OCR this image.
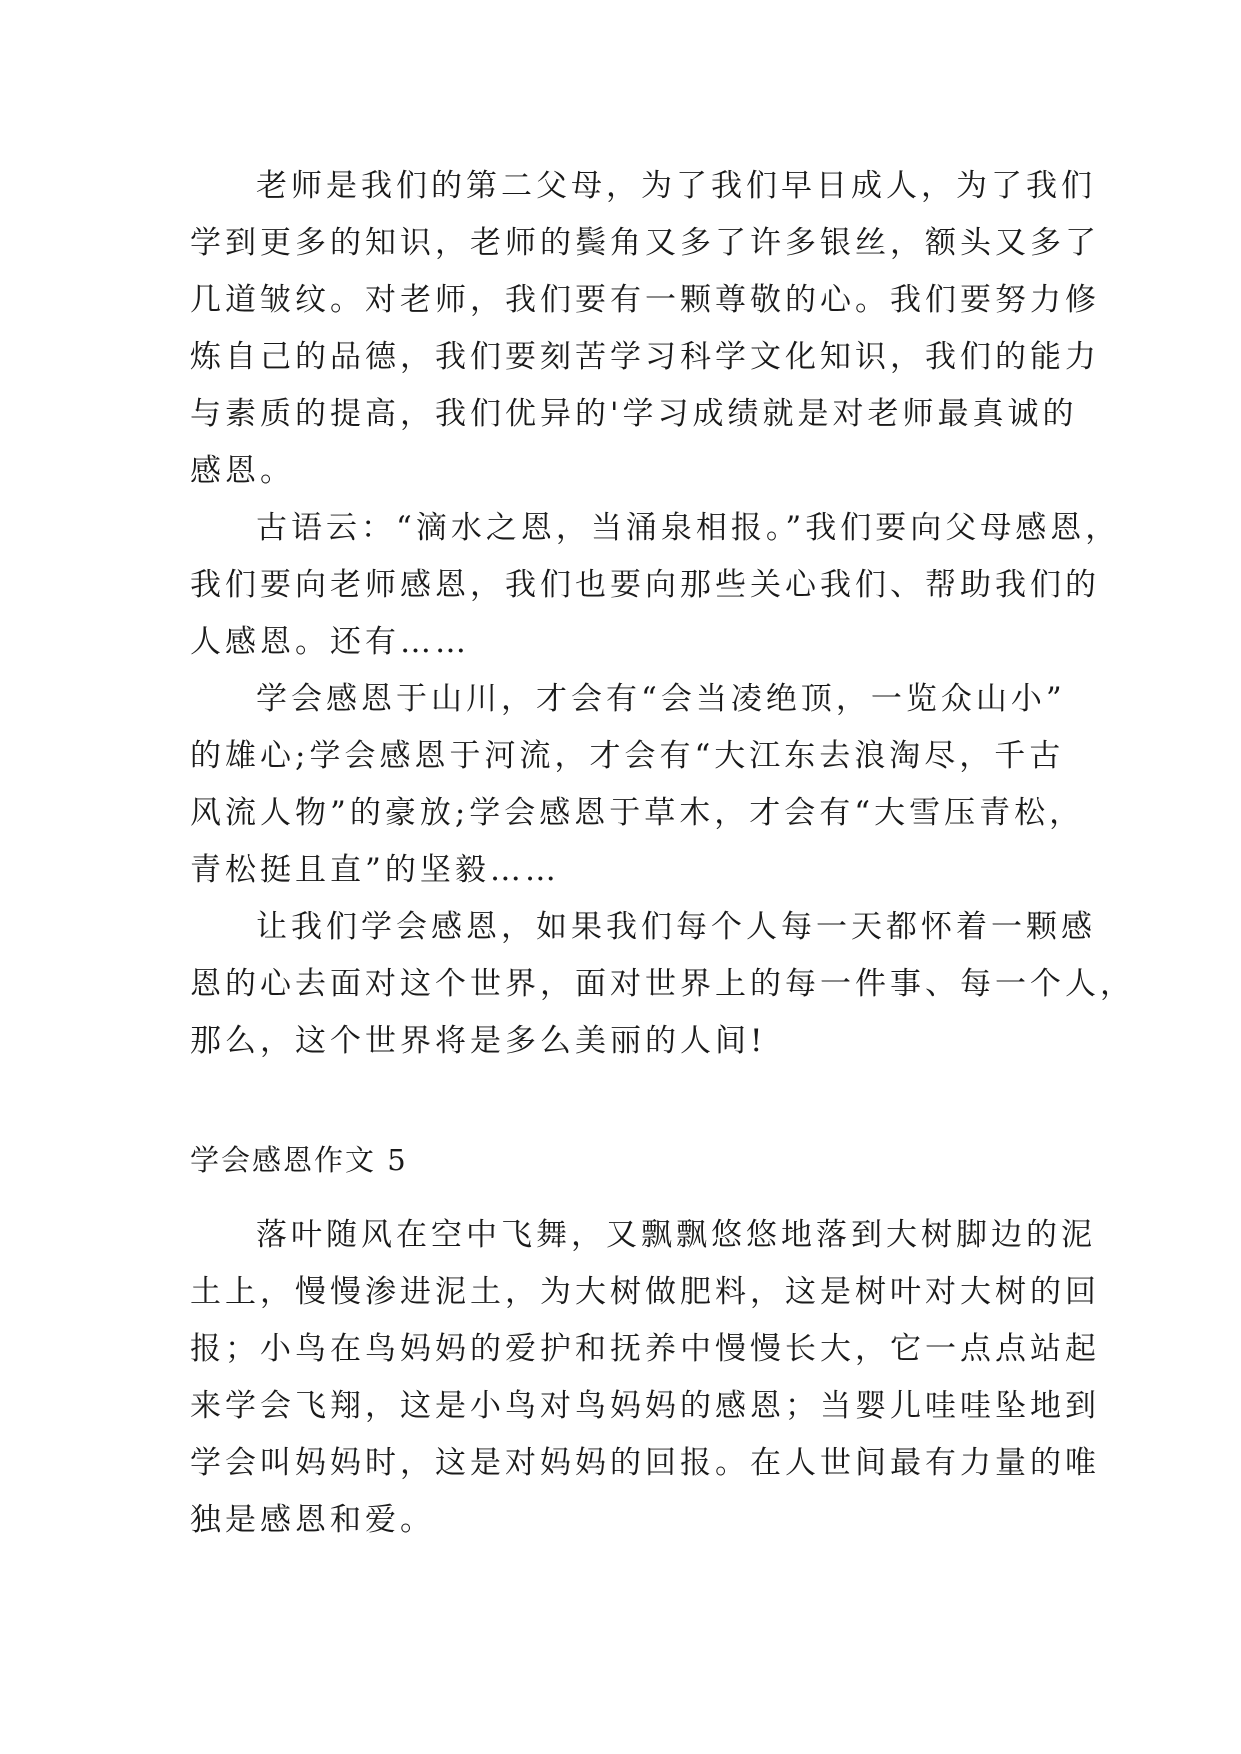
老师是我们的第二父母，为了我们早日成人，为了我们
学到更多的知识，老师的鬓角又多了许多银丝，额头又多了
几道皱纹。对老师，我们要有一颗尊敬的心。我们要努力修
炼自己的品德，我们要刻苦学习科学文化知识，我们的能力
与素质的提高，我们优异的'学习成绩就是对老师最真诚的
感恩。
古语云：“滴水之恩，当涌泉相报。”我们要向父母感恩，
我们要向老师感恩，我们也要向那些关心我们、帮助我们的
人感恩。还有……
学会感恩于山川，才会有“会当凌绝顶，一览众山小”
的雄心;学会感恩于河流，才会有“大江东去浪淘尽，千古
风流人物”的豪放;学会感恩于草木，才会有“大雪压青松，
青松挺且直”的坚毅……
让我们学会感恩，如果我们每个人每一天都怀着一颗感
恩的心去面对这个世界，面对世界上的每一件事、每一个人，
那么，这个世界将是多么美丽的人间!
学会感恩作文 5
落叶随风在空中飞舞，又飘飘悠悠地落到大树脚边的泥
土上，慢慢渗进泥土，为大树做肥料，这是树叶对大树的回
报；小鸟在鸟妈妈的爱护和抚养中慢慢长大，它一点点站起
来学会飞翔，这是小鸟对鸟妈妈的感恩；当婴儿哇哇坠地到
学会叫妈妈时，这是对妈妈的回报。在人世间最有力量的唯
独是感恩和爱。
